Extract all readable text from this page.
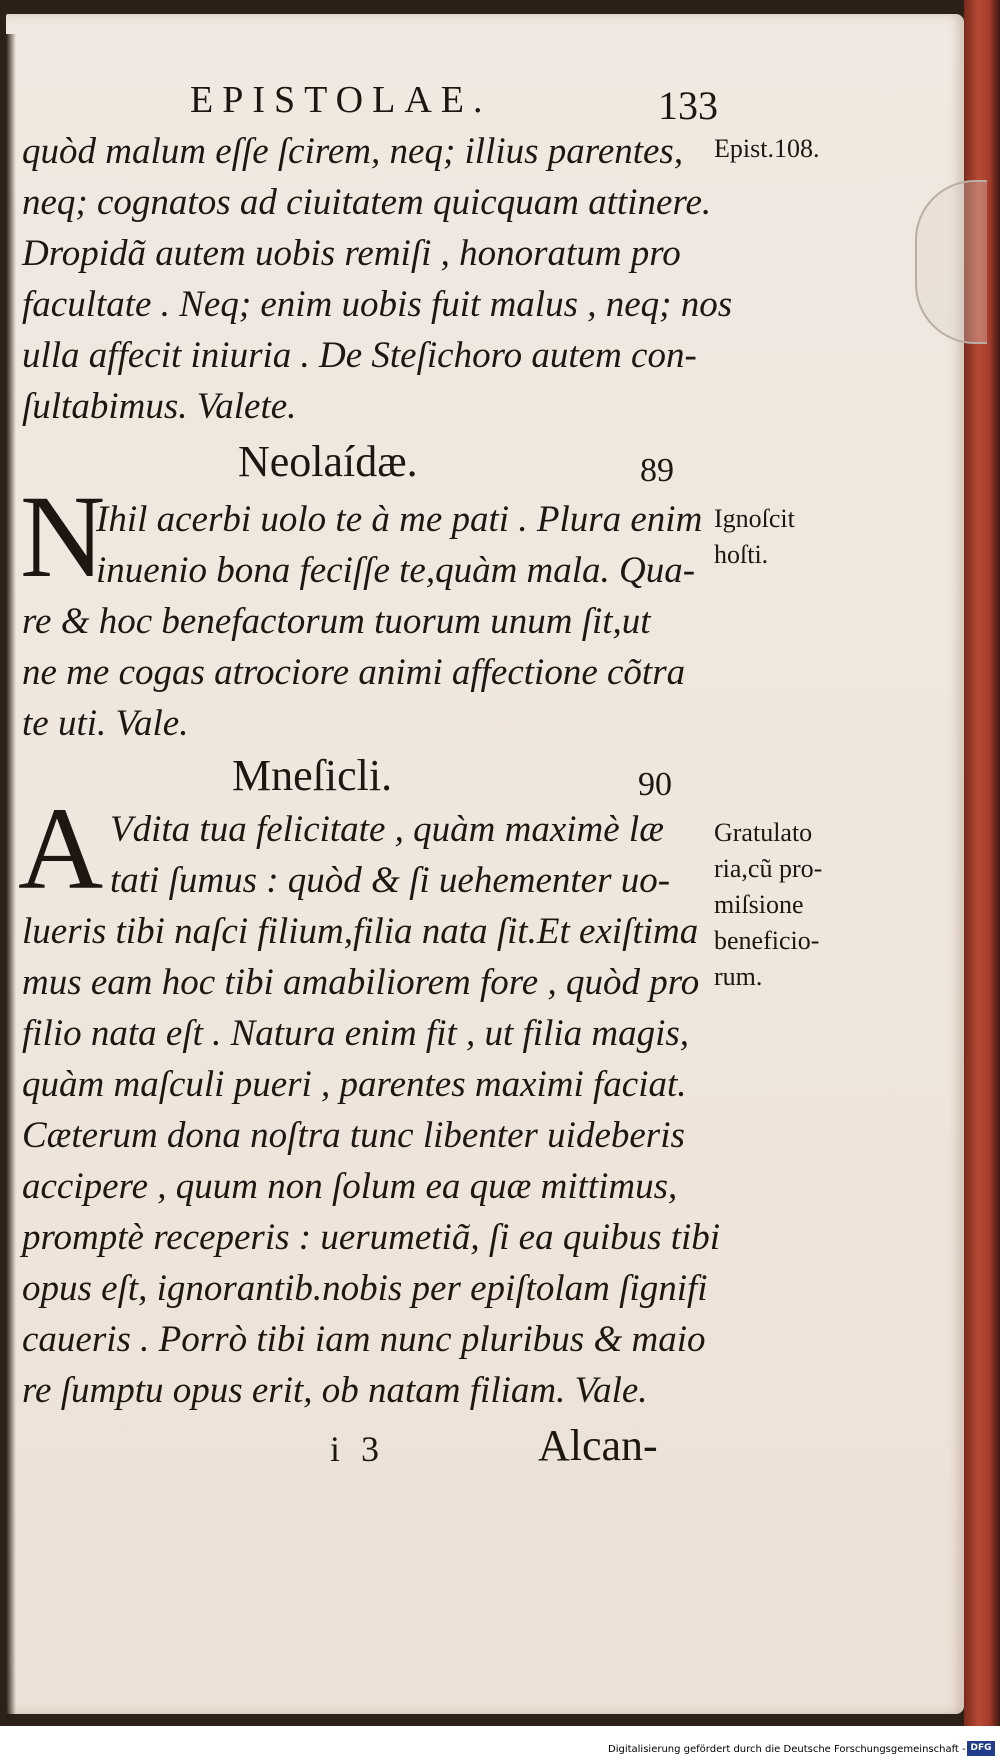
EPISTOLAE.	133
Epist.108.
quòd malum eſſe ſcirem, neq; illius parentes,
neq; cognatos ad ciuitatem quicquam attinere.
Dropidã autem uobis remiſi , honoratum pro
facultate . Neq; enim uobis fuit malus , neq; nos
ulla affecit iniuria . De Steſichoro autem con-
ſultabimus. Valete.
Neolaídæ.	89
N	Ignoſcit
hoſti.
Ihil acerbi uolo te à me pati . Plura enim
inuenio bona feciſſe te,quàm mala. Qua-
re & hoc benefactorum tuorum unum ſit,ut
ne me cogas atrociore animi affectione cõtra
te uti. Vale.
Mneſicli.	90
A	Gratulato
ria,cũ pro-
miſsione
beneficio-
rum.
Vdita tua felicitate , quàm maximè læ
tati ſumus : quòd & ſi uehementer uo-
lueris tibi naſci filium,filia nata ſit.Et exiſtima
mus eam hoc tibi amabiliorem fore , quòd pro
filio nata eſt . Natura enim fit , ut filia magis,
quàm maſculi pueri , parentes maximi faciat.
Cæterum dona noſtra tunc libenter uideberis
accipere , quum non ſolum ea quæ mittimus,
promptè receperis : uerumetiã, ſi ea quibus tibi
opus eſt, ignorantib.nobis per epiſtolam ſignifi
caueris . Porrò tibi iam nunc pluribus & maio
re ſumptu opus erit, ob natam filiam. Vale.
i 3	Alcan-
Digitalisierung gefördert durch die Deutsche Forschungsgemeinschaft - DFG
